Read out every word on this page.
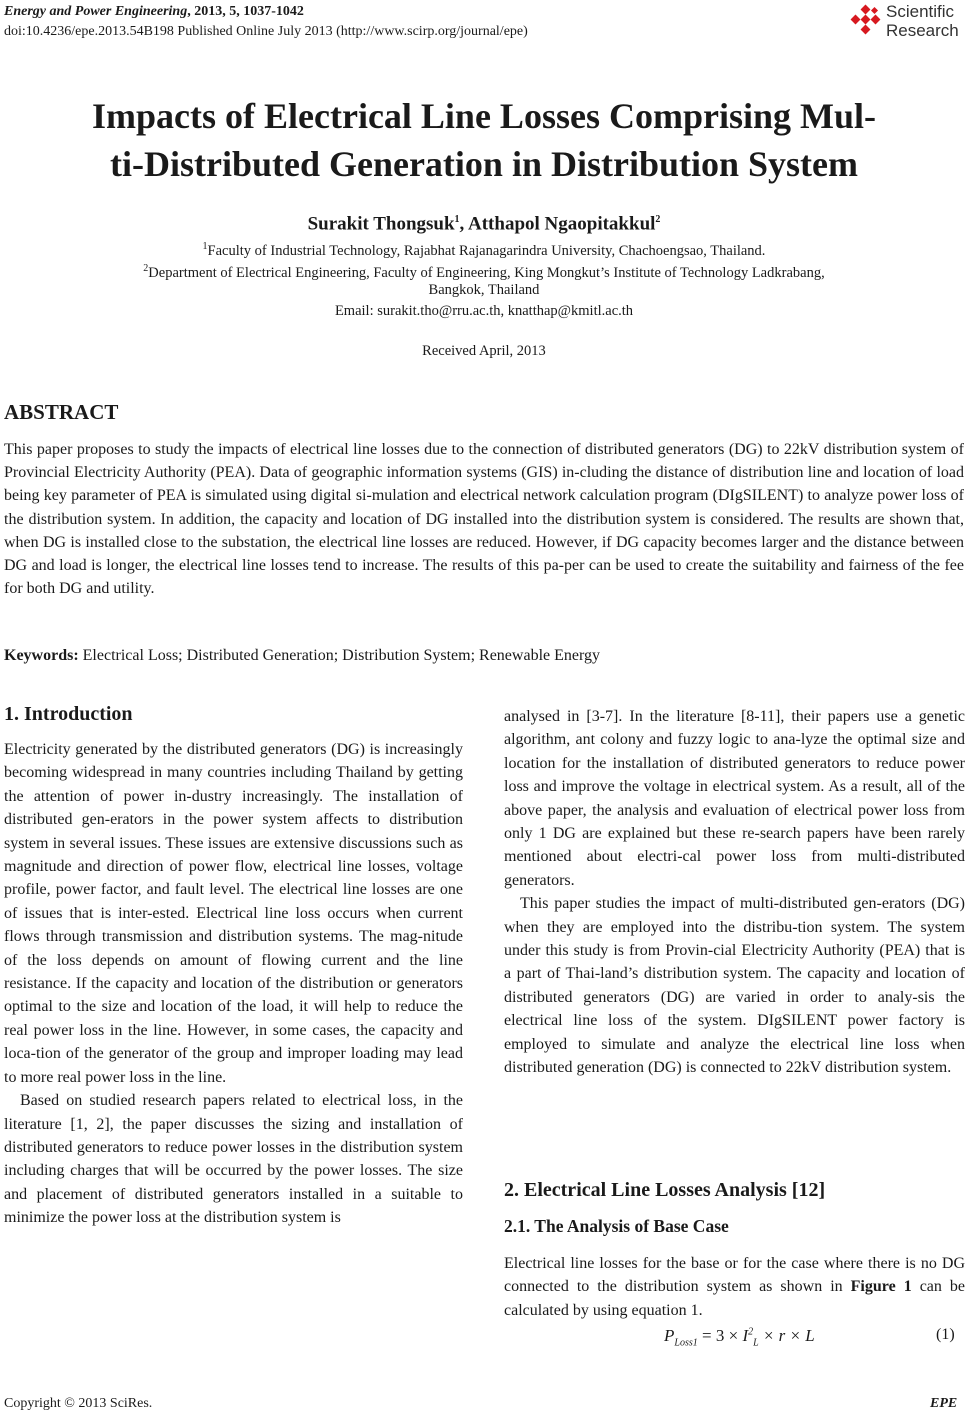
Energy and Power Engineering, 2013, 5, 1037-1042
doi:10.4236/epe.2013.54B198 Published Online July 2013 (http://www.scirp.org/journal/epe)
Scientific
Research
Impacts of Electrical Line Losses Comprising Mul-
ti-Distributed Generation in Distribution System
Surakit Thongsuk$^1$, Atthapol Ngaopitakkul$^2$
$^1$Faculty of Industrial Technology, Rajabhat Rajanagarindra University, Chachoengsao, Thailand.
$^2$Department of Electrical Engineering, Faculty of Engineering, King Mongkut’s Institute of Technology Ladkrabang,
Bangkok, Thailand
Email: surakit.tho@rru.ac.th, knatthap@kmitl.ac.th
Received April, 2013
ABSTRACT
This paper proposes to study the impacts of electrical line losses due to the connection of distributed generators (DG) to 22kV distribution system of Provincial Electricity Authority (PEA). Data of geographic information systems (GIS) in-cluding the distance of distribution line and location of load being key parameter of PEA is simulated using digital si-mulation and electrical network calculation program (DIgSILENT) to analyze power loss of the distribution system. In addition, the capacity and location of DG installed into the distribution system is considered. The results are shown that, when DG is installed close to the substation, the electrical line losses are reduced. However, if DG capacity becomes larger and the distance between DG and load is longer, the electrical line losses tend to increase. The results of this pa-per can be used to create the suitability and fairness of the fee for both DG and utility.
Keywords: Electrical Loss; Distributed Generation; Distribution System; Renewable Energy
1. Introduction

Electricity generated by the distributed generators (DG) is increasingly becoming widespread in many countries including Thailand by getting the attention of power in-dustry increasingly. The installation of distributed gen-erators in the power system affects to distribution system in several issues. These issues are extensive discussions such as magnitude and direction of power flow, electrical line losses, voltage profile, power factor, and fault level. The electrical line losses are one of issues that is inter-ested. Electrical line loss occurs when current flows through transmission and distribution systems. The mag-nitude of the loss depends on amount of flowing current and the line resistance. If the capacity and location of the distribution or generators optimal to the size and location of the load, it will help to reduce the real power loss in the line. However, in some cases, the capacity and loca-tion of the generator of the group and improper loading may lead to more real power loss in the line.

Based on studied research papers related to electrical loss, in the literature [1, 2], the paper discusses the sizing and installation of distributed generators to reduce power losses in the distribution system including charges that will be occurred by the power losses. The size and placement of distributed generators installed in a suitable to minimize the power loss at the distribution system is

analysed in [3-7]. In the literature [8-11], their papers use a genetic algorithm, ant colony and fuzzy logic to ana-lyze the optimal size and location for the installation of distributed generators to reduce power loss and improve the voltage in electrical system. As a result, all of the above paper, the analysis and evaluation of electrical power loss from only 1 DG are explained but these re-search papers have been rarely mentioned about electri-cal power loss from multi-distributed generators.

This paper studies the impact of multi-distributed gen-erators (DG) when they are employed into the distribu-tion system. The system under this study is from Provin-cial Electricity Authority (PEA) that is a part of Thai-land’s distribution system. The capacity and location of distributed generators (DG) are varied in order to analy-sis the electrical line loss of the system. DIgSILENT power factory is employed to simulate and analyze the electrical line loss when distributed generation (DG) is connected to 22kV distribution system.

2. Electrical Line Losses Analysis [12]
2.1. The Analysis of Base Case

Electrical line losses for the base or for the case where there is no DG connected to the distribution system as shown in Figure 1 can be calculated by using equation 1.

$P_{Loss1} = 3 \times I^2_L \times r \times L$	(1)
Copyright © 2013 SciRes.	EPE
